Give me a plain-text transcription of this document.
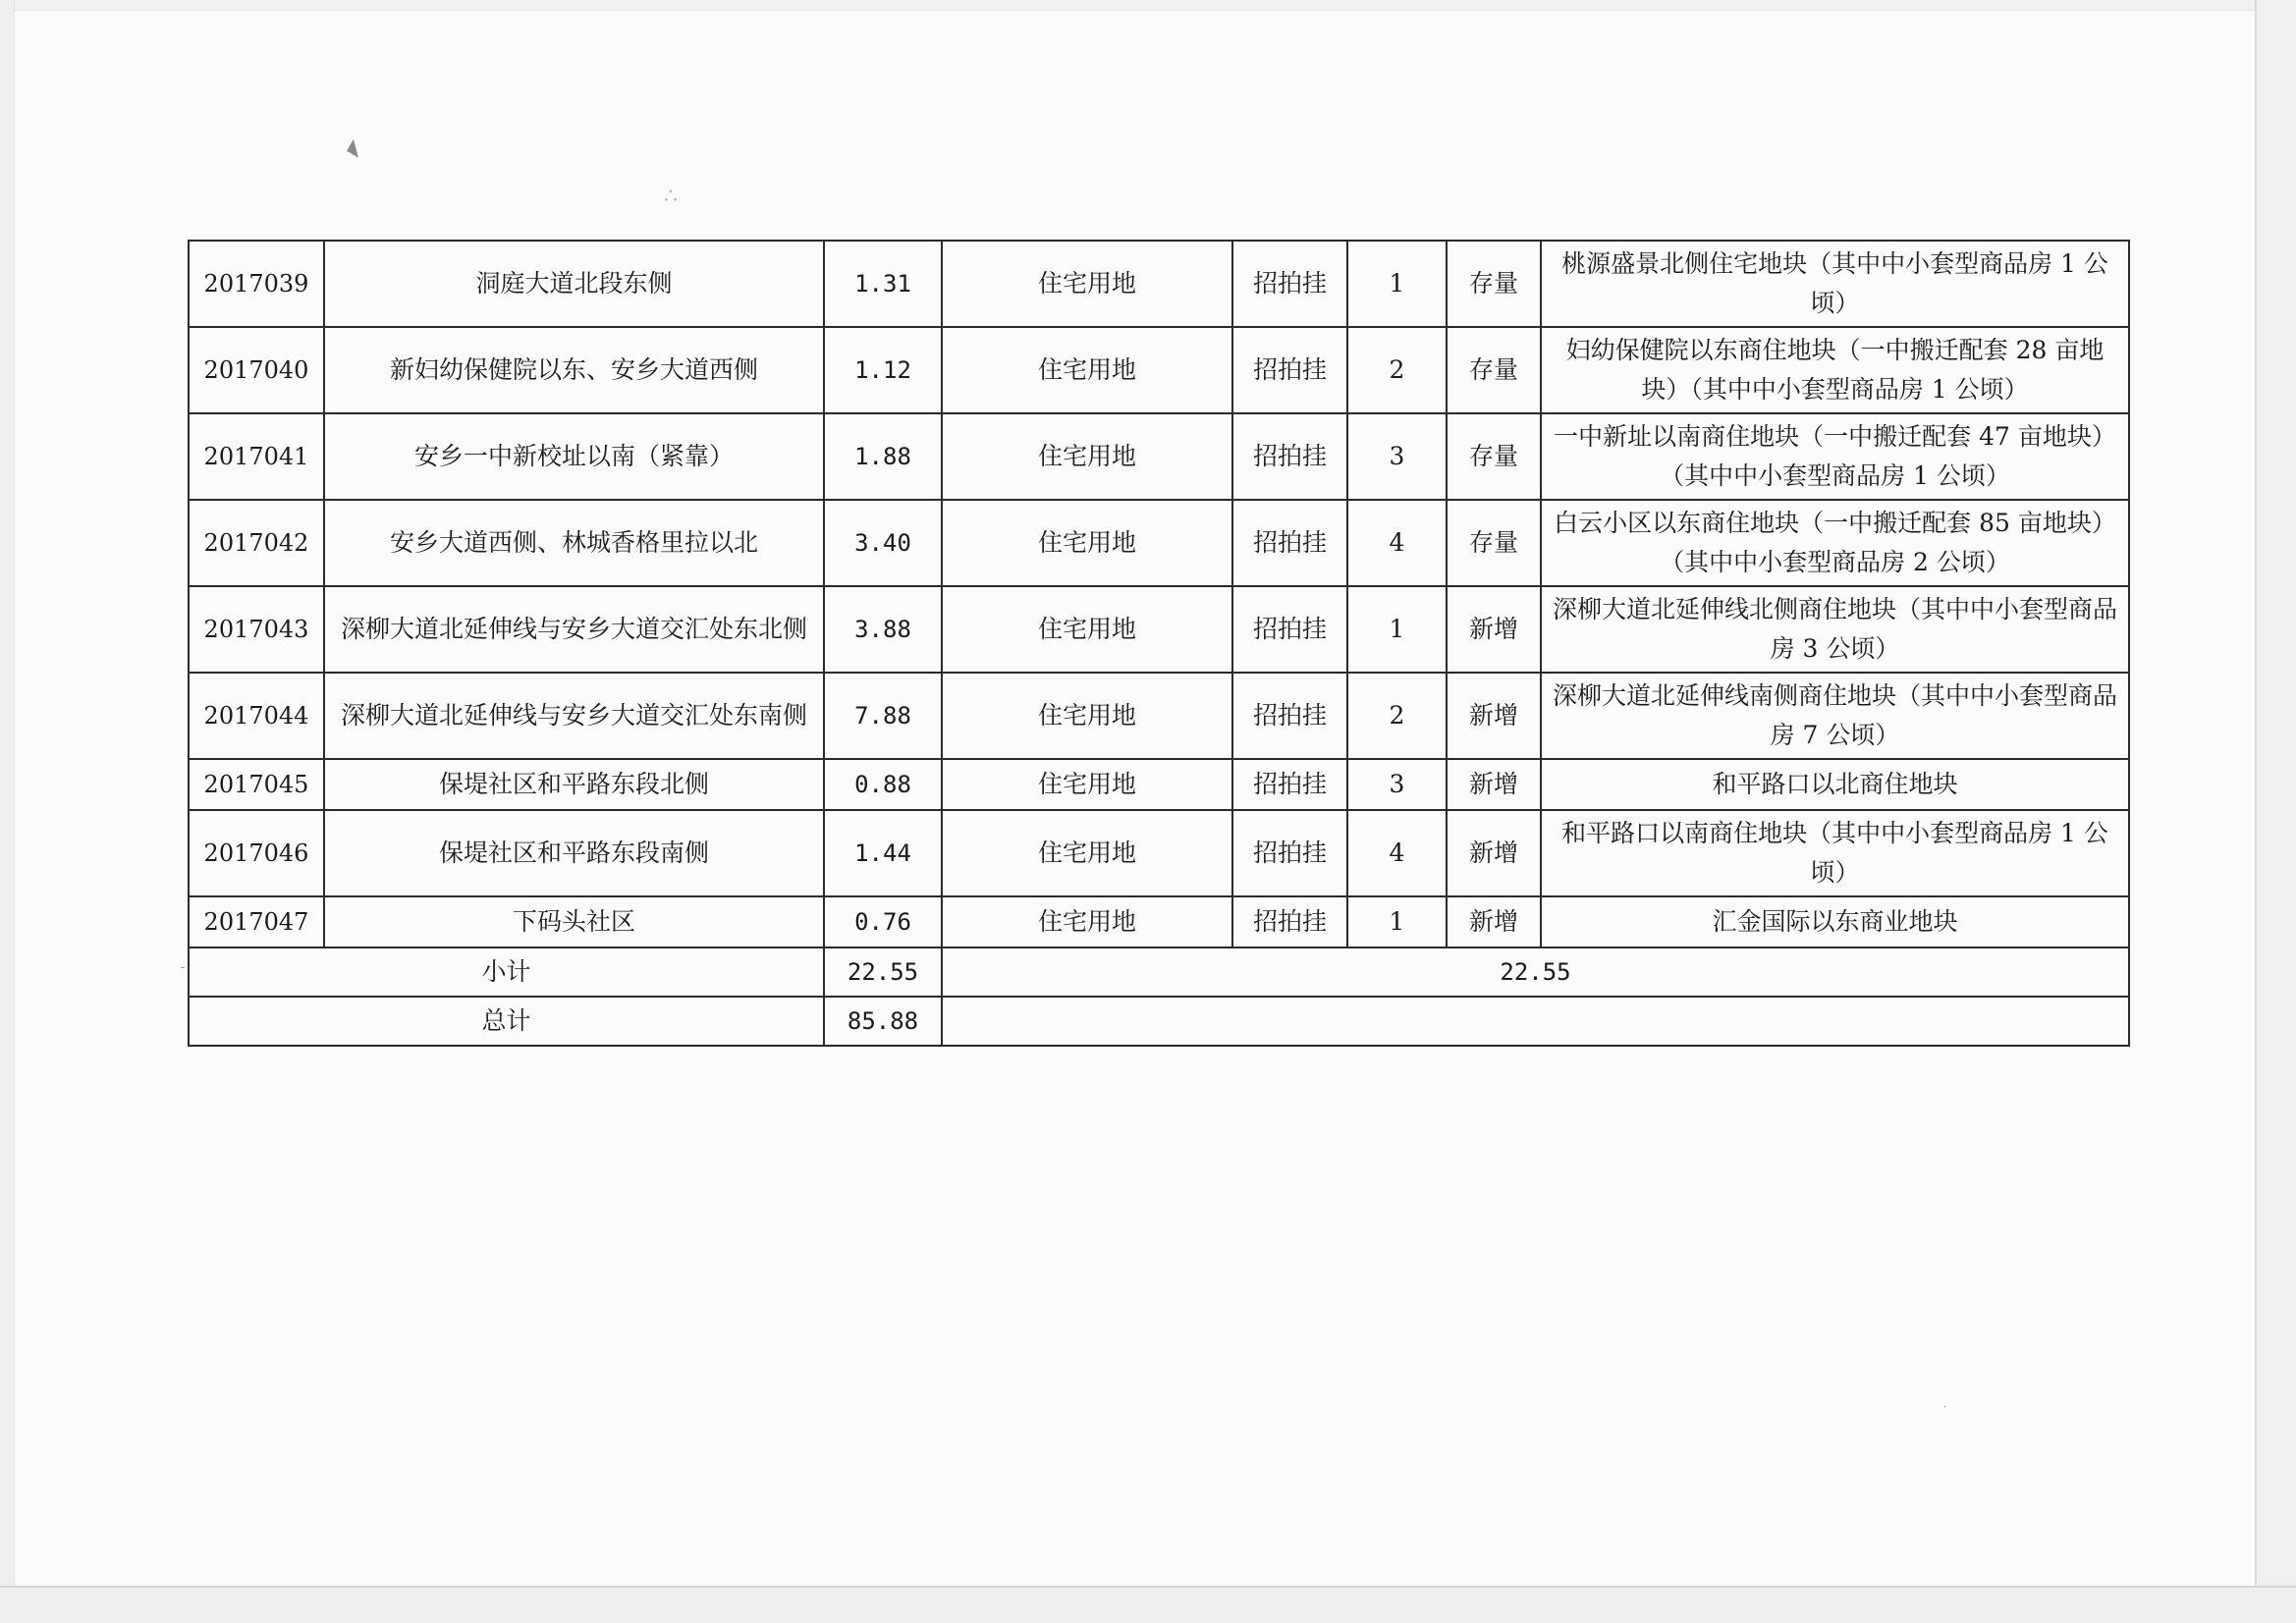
◣
∴
·
-
2017039	洞庭大道北段东侧	1.31	住宅用地	招拍挂	1	存量	桃源盛景北侧住宅地块（其中中小套型商品房 1 公顷）
2017040	新妇幼保健院以东、安乡大道西侧	1.12	住宅用地	招拍挂	2	存量	妇幼保健院以东商住地块（一中搬迁配套 28 亩地块）（其中中小套型商品房 1 公顷）
2017041	安乡一中新校址以南（紧靠）	1.88	住宅用地	招拍挂	3	存量	一中新址以南商住地块（一中搬迁配套 47 亩地块）（其中中小套型商品房 1 公顷）
2017042	安乡大道西侧、林城香格里拉以北	3.40	住宅用地	招拍挂	4	存量	白云小区以东商住地块（一中搬迁配套 85 亩地块）（其中中小套型商品房 2 公顷）
2017043	深柳大道北延伸线与安乡大道交汇处东北侧	3.88	住宅用地	招拍挂	1	新增	深柳大道北延伸线北侧商住地块（其中中小套型商品房 3 公顷）
2017044	深柳大道北延伸线与安乡大道交汇处东南侧	7.88	住宅用地	招拍挂	2	新增	深柳大道北延伸线南侧商住地块（其中中小套型商品房 7 公顷）
2017045	保堤社区和平路东段北侧	0.88	住宅用地	招拍挂	3	新增	和平路口以北商住地块
2017046	保堤社区和平路东段南侧	1.44	住宅用地	招拍挂	4	新增	和平路口以南商住地块（其中中小套型商品房 1 公顷）
2017047	下码头社区	0.76	住宅用地	招拍挂	1	新增	汇金国际以东商业地块
小计		22.55	22.55				
总计		85.88					
